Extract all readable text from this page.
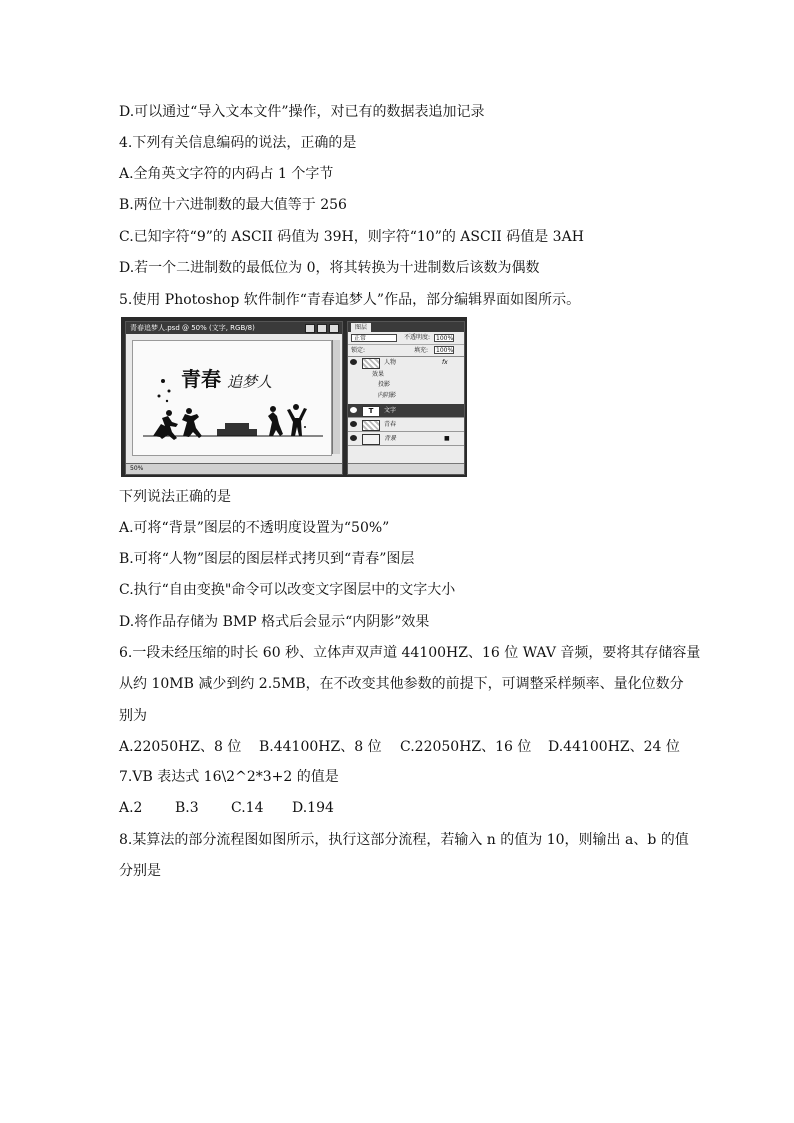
D.可以通过“导入文本文件”操作，对已有的数据表追加记录
4.下列有关信息编码的说法，正确的是
A.全角英文字符的内码占 1 个字节
B.两位十六进制数的最大值等于 256
C.已知字符“9”的 ASCII 码值为 39H，则字符“10”的 ASCII 码值是 3AH
D.若一个二进制数的最低位为 0，将其转换为十进制数后该数为偶数
5.使用 Photoshop 软件制作“青春追梦人”作品，部分编辑界面如图所示。
青春追梦人.psd @ 50% (文字, RGB/8)
青春 追梦人
50%
图层
正常	不透明度: 100%
锁定:	填充:	100%
人物	fx
效果
投影
内阴影
T	文字
青春
背景	■
下列说法正确的是
A.可将“背景”图层的不透明度设置为“50%”
B.可将“人物”图层的图层样式拷贝到“青春”图层
C.执行“自由变换"命令可以改变文字图层中的文字大小
D.将作品存储为 BMP 格式后会显示“内阴影”效果
6.一段未经压缩的时长 60 秒、立体声双声道 44100HZ、16 位 WAV 音频，要将其存储容量
从约 10MB 减少到约 2.5MB，在不改变其他参数的前提下，可调整采样频率、量化位数分
别为
A.22050HZ、8 位	B.44100HZ、8 位	C.22050HZ、16 位	D.44100HZ、24 位
7.VB 表达式 16\2^2*3+2 的值是
A.2	B.3	C.14	D.194
8.某算法的部分流程图如图所示，执行这部分流程，若输入 n 的值为 10，则输出 a、b 的值
分别是
